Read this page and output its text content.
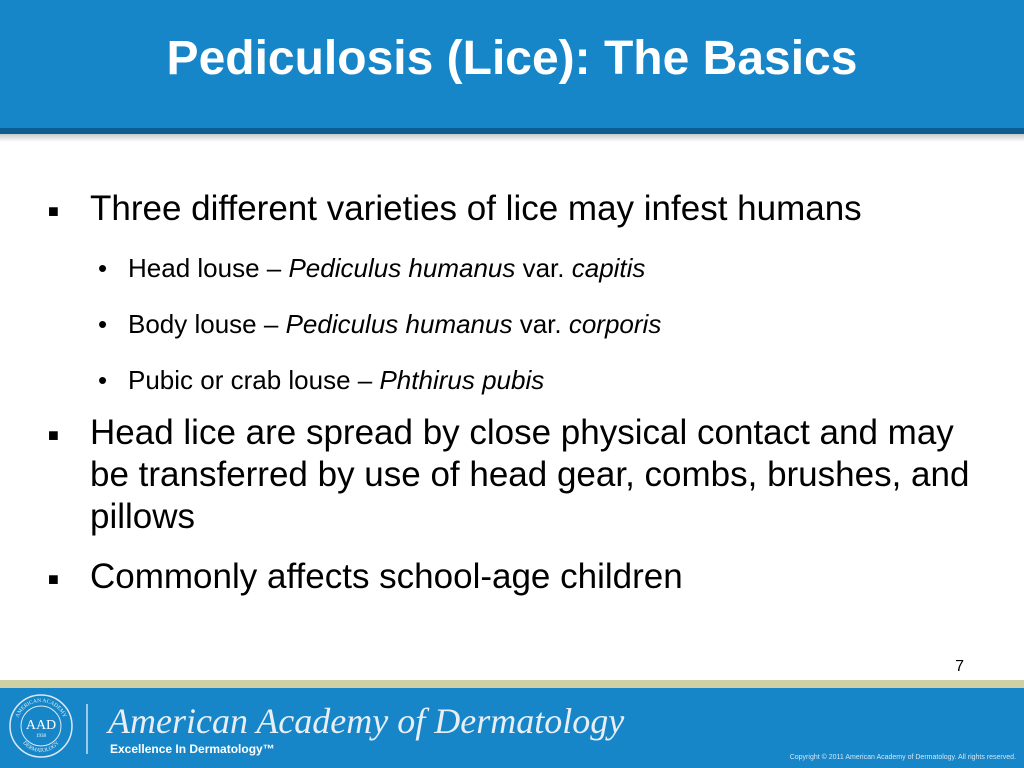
Pediculosis (Lice): The Basics
■ Three different varieties of lice may infest humans
• Head louse – Pediculus humanus var. capitis
• Body louse – Pediculus humanus var. corporis
• Pubic or crab louse – Phthirus pubis
■ Head lice are spread by close physical contact and may be transferred by use of head gear, combs, brushes, and pillows
■ Commonly affects school-age children
7
AMERICAN ACADEMY
DERMATOLOGY
AAD
1938 American Academy of Dermatology
Excellence In Dermatology™
Copyright © 2011 American Academy of Dermatology. All rights reserved.
